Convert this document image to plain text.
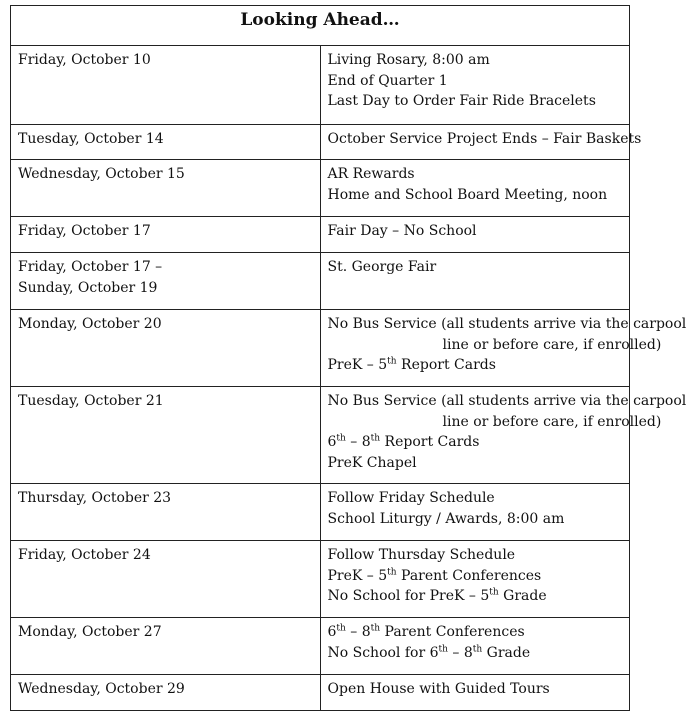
Looking Ahead…	
Friday, October 10	Living Rosary, 8:00 am
End of Quarter 1
Last Day to Order Fair Ride Bracelets

Tuesday, October 14	October Service Project Ends – Fair Baskets

Wednesday, October 15	AR Rewards
Home and School Board Meeting, noon

Friday, October 17	Fair Day – No School

Friday, October 17 –
Sunday, October 19	St. George Fair

Monday, October 20	No Bus Service (all students arrive via the carpool
line or before care, if enrolled)
PreK – 5th Report Cards

Tuesday, October 21	No Bus Service (all students arrive via the carpool
line or before care, if enrolled)
6th – 8th Report Cards
PreK Chapel

Thursday, October 23	Follow Friday Schedule
School Liturgy / Awards, 8:00 am

Friday, October 24	Follow Thursday Schedule
PreK – 5th Parent Conferences
No School for PreK – 5th Grade

Monday, October 27	6th – 8th Parent Conferences
No School for 6th – 8th Grade

Wednesday, October 29	Open House with Guided Tours
